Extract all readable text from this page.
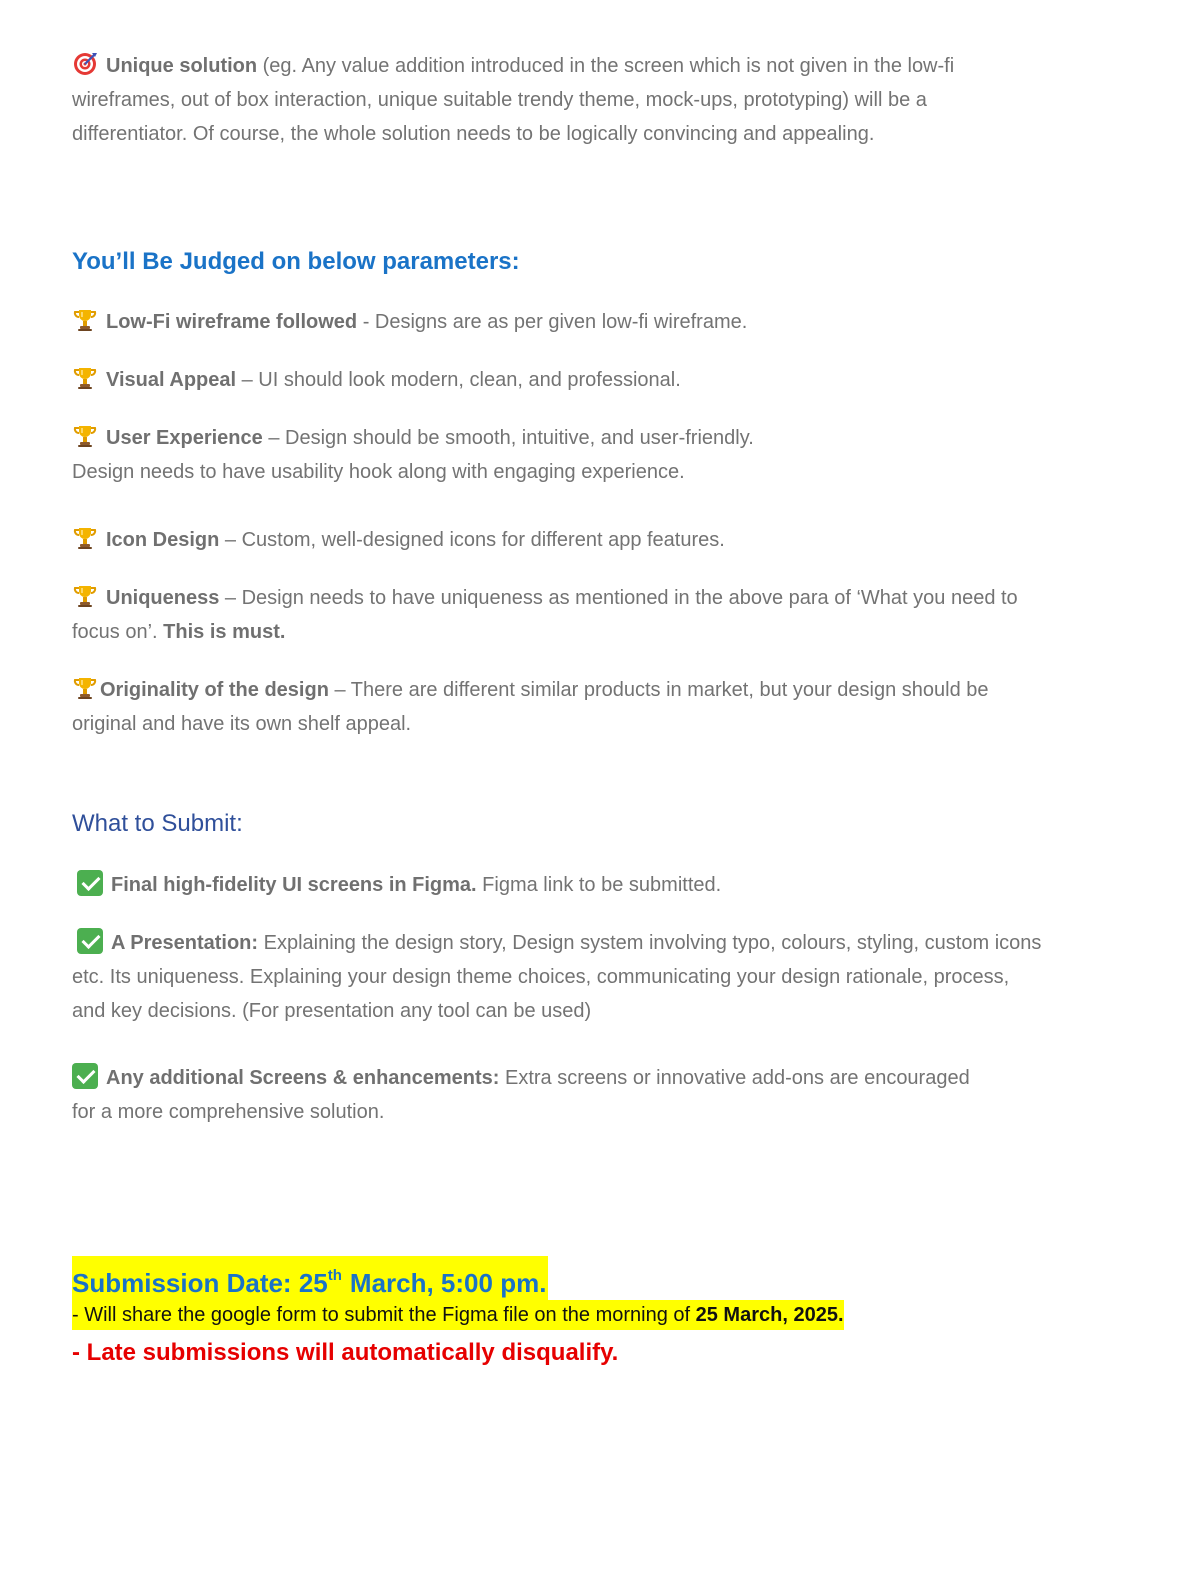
Unique solution (eg. Any value addition introduced in the screen which is not given in the low-fi
wireframes, out of box interaction, unique suitable trendy theme, mock-ups, prototyping) will be a
differentiator. Of course, the whole solution needs to be logically convincing and appealing.
You’ll Be Judged on below parameters:
Low-Fi wireframe followed - Designs are as per given low-fi wireframe.
Visual Appeal – UI should look modern, clean, and professional.
User Experience – Design should be smooth, intuitive, and user-friendly.
Design needs to have usability hook along with engaging experience.
Icon Design – Custom, well-designed icons for different app features.
Uniqueness – Design needs to have uniqueness as mentioned in the above para of ‘What you need to
focus on’. This is must.
Originality of the design – There are different similar products in market, but your design should be
original and have its own shelf appeal.
What to Submit:
Final high-fidelity UI screens in Figma. Figma link to be submitted.
A Presentation: Explaining the design story, Design system involving typo, colours, styling, custom icons
etc. Its uniqueness. Explaining your design theme choices, communicating your design rationale, process,
and key decisions. (For presentation any tool can be used)
Any additional Screens & enhancements: Extra screens or innovative add-ons are encouraged
for a more comprehensive solution.
Submission Date: 25th March, 5:00 pm.
- Will share the google form to submit the Figma file on the morning of 25 March, 2025.
- Late submissions will automatically disqualify.
